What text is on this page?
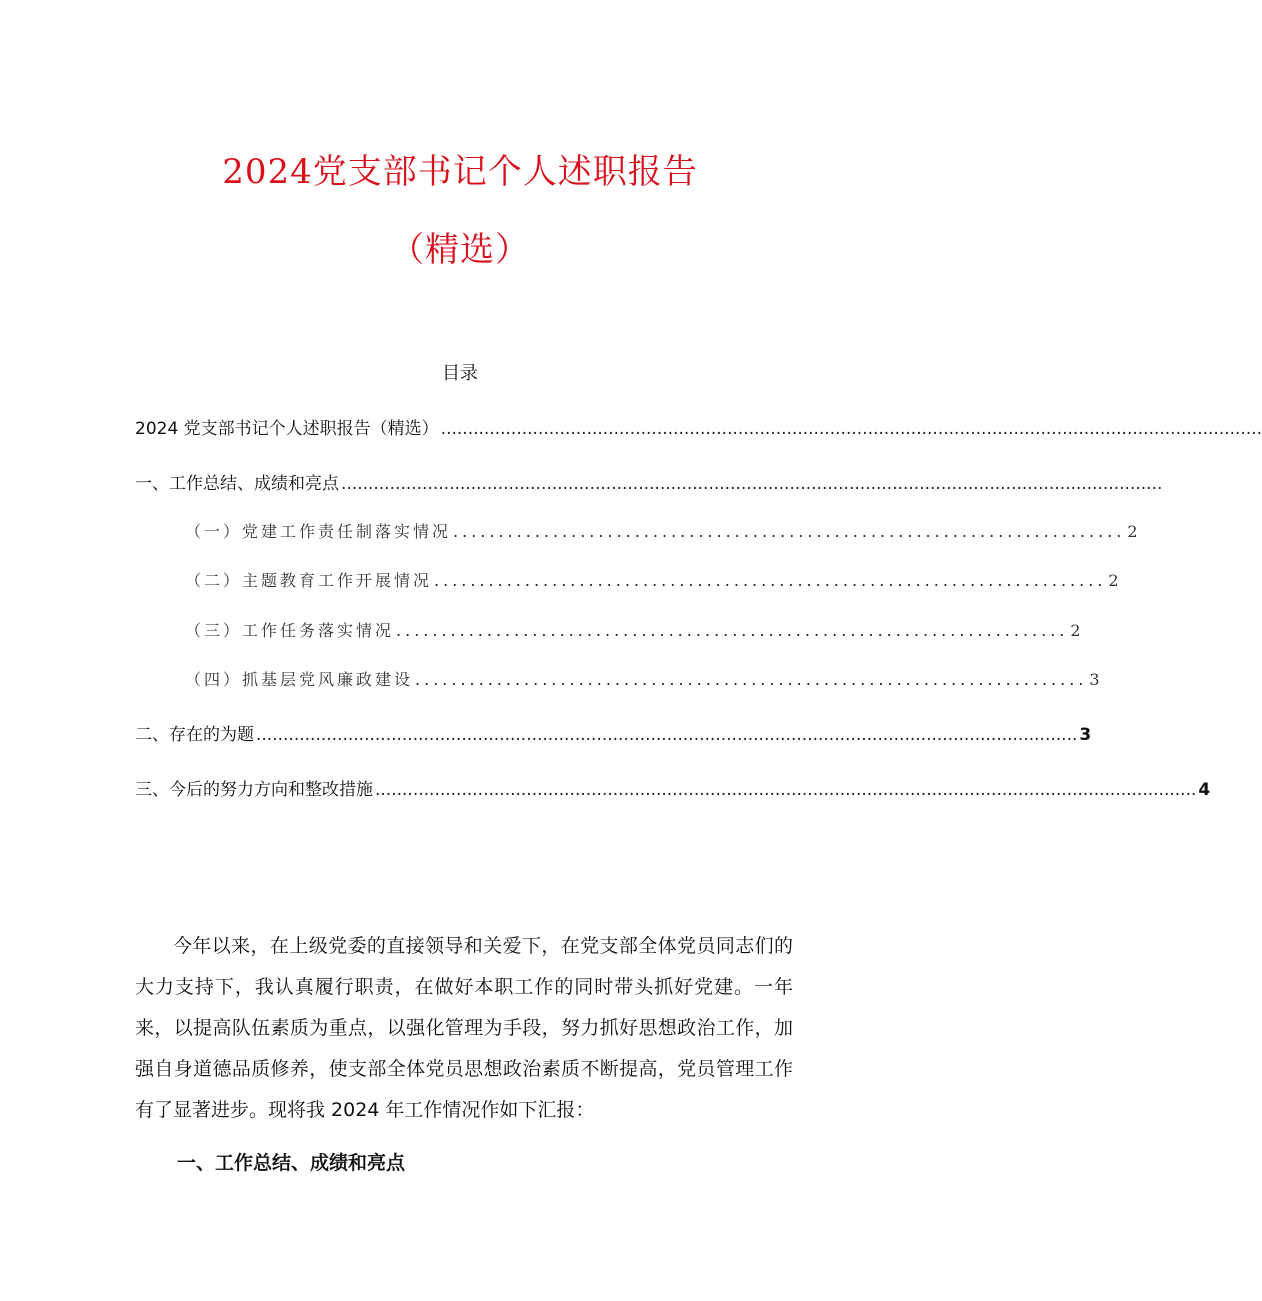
2024党支部书记个人述职报告
（精选）
目录
2024 党支部书记个人述职报告（精选） ........................................................................................................................................................
一、工作总结、成绩和亮点 ........................................................................................................................................................
（一）党建工作责任制落实情况 .......................................................................... 2
（二）主题教育工作开展情况 .......................................................................... 2
（三）工作任务落实情况 .......................................................................... 2
（四）抓基层党风廉政建设 .......................................................................... 3
二、存在的为题 ........................................................................................................................................................ 3
三、今后的努力方向和整改措施 ........................................................................................................................................................ 4

今年以来，在上级党委的直接领导和关爱下，在党支部全体党员同志们的大力支持下，我认真履行职责，在做好本职工作的同时带头抓好党建。一年来，以提高队伍素质为重点，以强化管理为手段，努力抓好思想政治工作，加强自身道德品质修养，使支部全体党员思想政治素质不断提高，党员管理工作有了显著进步。现将我 2024 年工作情况作如下汇报：

一、工作总结、成绩和亮点
